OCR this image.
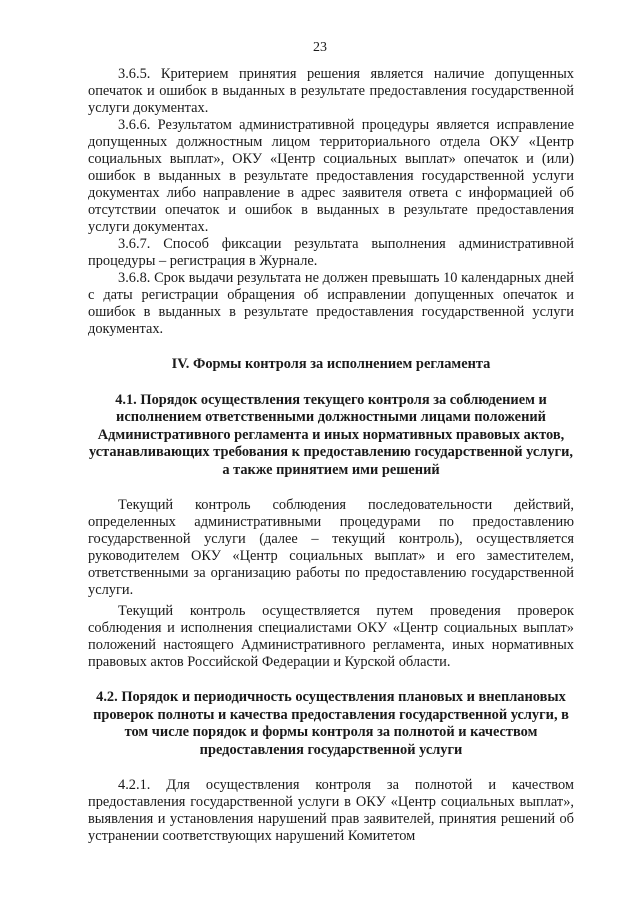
23

3.6.5. Критерием принятия решения является наличие допущенных опечаток и ошибок в выданных в результате предоставления государственной услуги документах.

3.6.6. Результатом административной процедуры является исправление допущенных должностным лицом территориального отдела ОКУ «Центр социальных выплат», ОКУ «Центр социальных выплат» опечаток и (или) ошибок в выданных в результате предоставления государственной услуги документах либо направление в адрес заявителя ответа с информацией об отсутствии опечаток и ошибок в выданных в результате предоставления услуги документах.

3.6.7. Способ фиксации результата выполнения административной процедуры – регистрация в Журнале.

3.6.8. Срок выдачи результата не должен превышать 10 календарных дней с даты регистрации обращения об исправлении допущенных опечаток и ошибок в выданных в результате предоставления государственной услуги документах.

IV. Формы контроля за исполнением регламента

4.1. Порядок осуществления текущего контроля за соблюдением и исполнением ответственными должностными лицами положений Административного регламента и иных нормативных правовых актов, устанавливающих требования к предоставлению государственной услуги, а также принятием ими решений

Текущий контроль соблюдения последовательности действий, определенных административными процедурами по предоставлению государственной услуги (далее – текущий контроль), осуществляется руководителем ОКУ «Центр социальных выплат» и его заместителем, ответственными за организацию работы по предоставлению государственной услуги.

Текущий контроль осуществляется путем проведения проверок соблюдения и исполнения специалистами ОКУ «Центр социальных выплат» положений настоящего Административного регламента, иных нормативных правовых актов Российской Федерации и Курской области.

4.2. Порядок и периодичность осуществления плановых и внеплановых проверок полноты и качества предоставления государственной услуги, в том числе порядок и формы контроля за полнотой и качеством предоставления государственной услуги

4.2.1. Для осуществления контроля за полнотой и качеством предоставления государственной услуги в ОКУ «Центр социальных выплат», выявления и установления нарушений прав заявителей, принятия решений об устранении соответствующих нарушений Комитетом
